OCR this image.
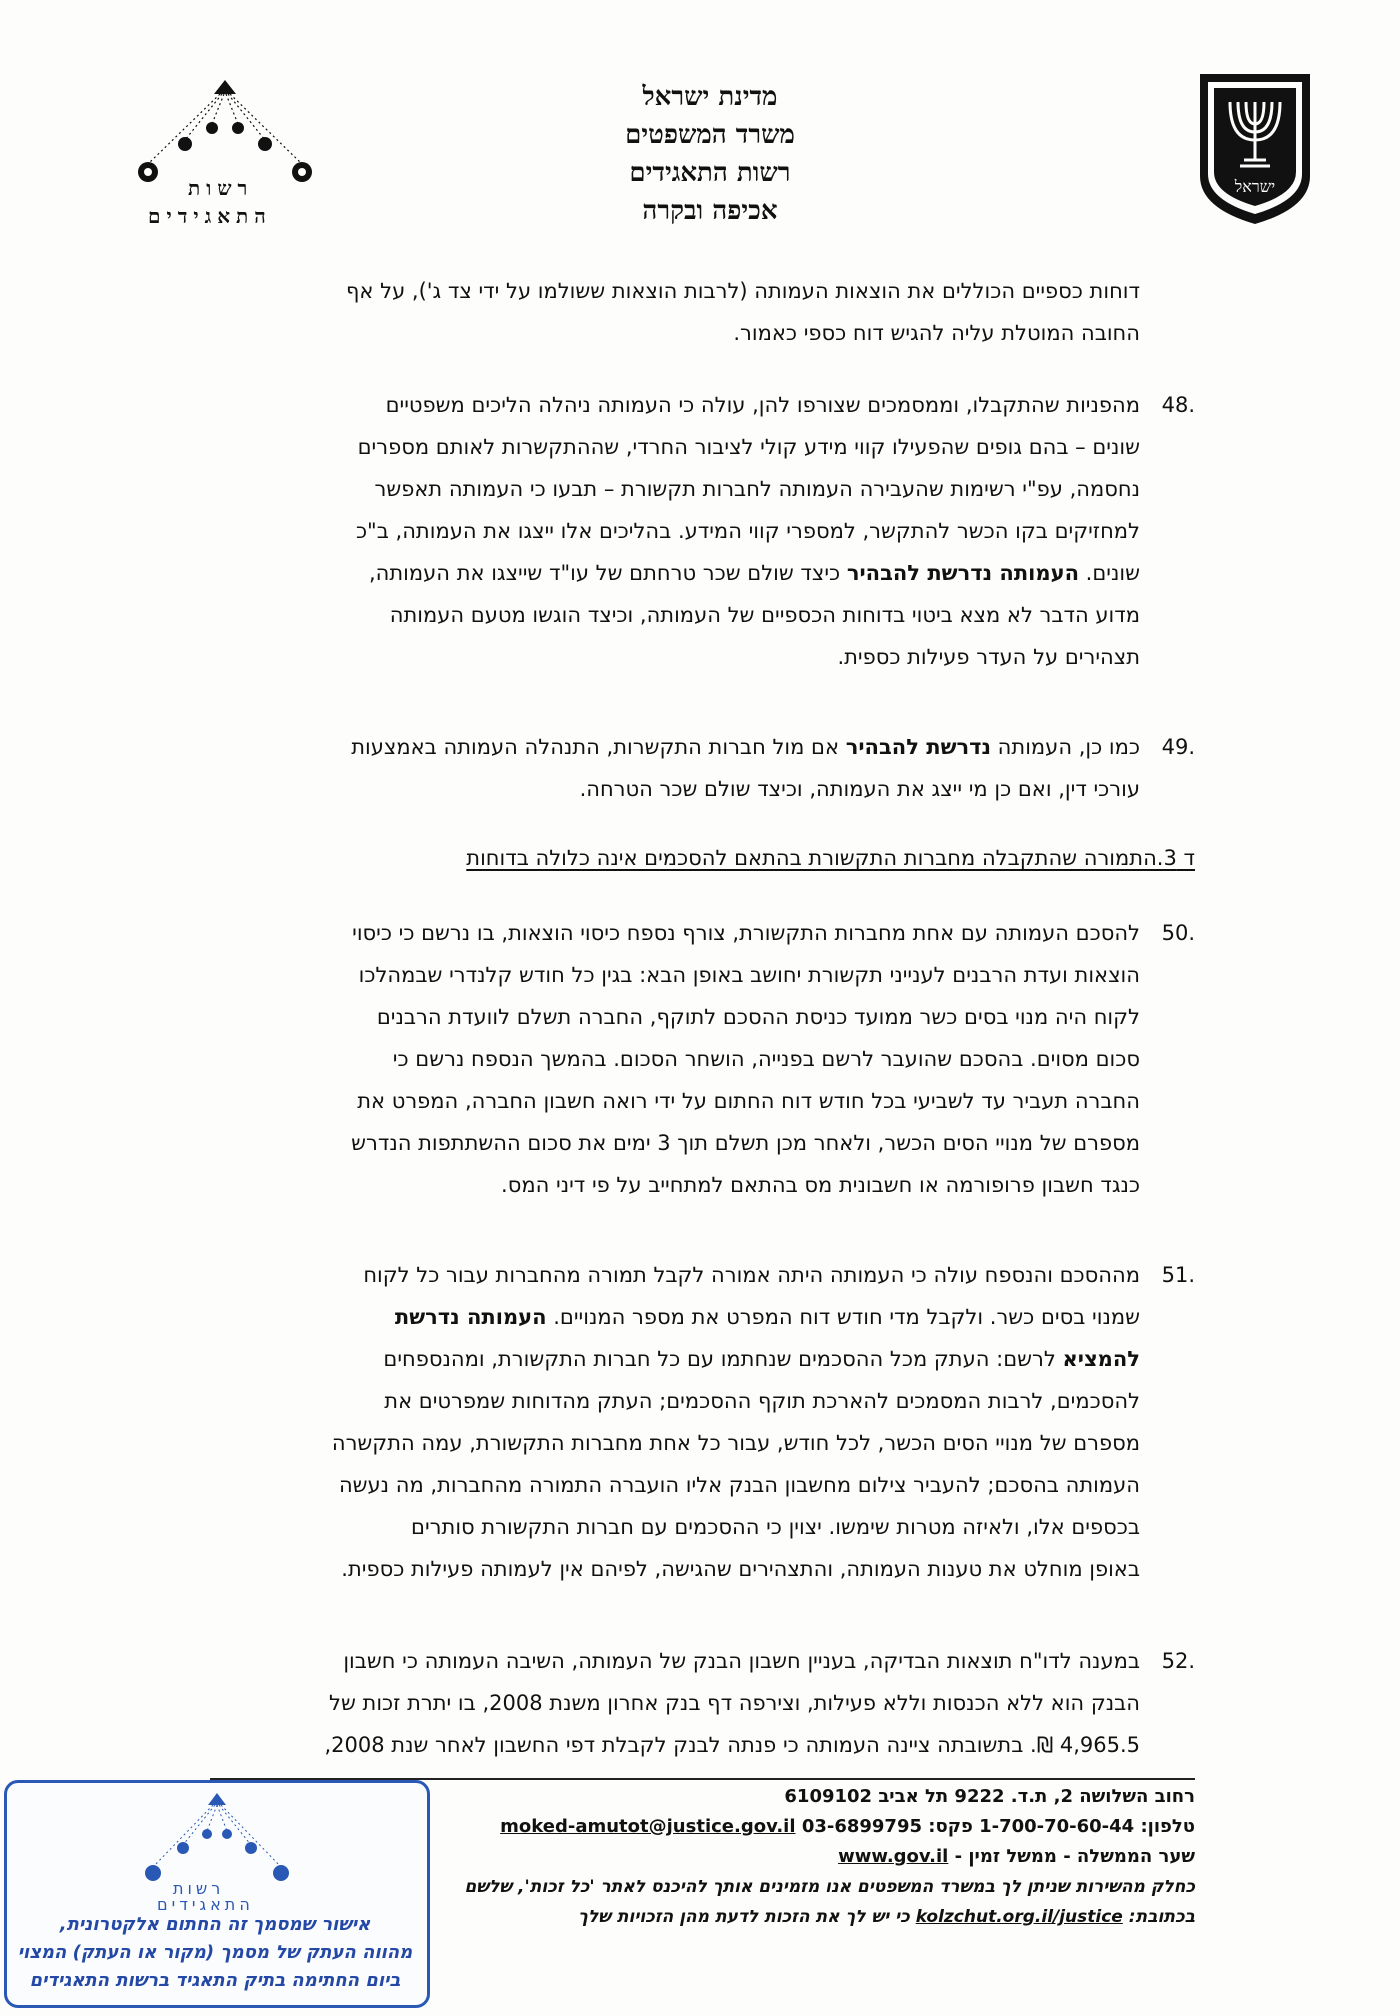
ישראל
מדינת ישראל
משרד המשפטים
רשות התאגידים
אכיפה ובקרה
רשות
התאגידים
דוחות כספיים הכוללים את הוצאות העמותה (לרבות הוצאות ששולמו על ידי צד ג'), על אף
החובה המוטלת עליה להגיש דוח כספי כאמור.
.48
מהפניות שהתקבלו, וממסמכים שצורפו להן, עולה כי העמותה ניהלה הליכים משפטיים
שונים – בהם גופים שהפעילו קווי מידע קולי לציבור החרדי, שההתקשרות לאותם מספרים
נחסמה, עפ"י רשימות שהעבירה העמותה לחברות תקשורת – תבעו כי העמותה תאפשר
למחזיקים בקו הכשר להתקשר, למספרי קווי המידע. בהליכים אלו ייצגו את העמותה, ב"כ
שונים. העמותה נדרשת להבהיר כיצד שולם שכר טרחתם של עו"ד שייצגו את העמותה,
מדוע הדבר לא מצא ביטוי בדוחות הכספיים של העמותה, וכיצד הוגשו מטעם העמותה
תצהירים על העדר פעילות כספית.
.49
כמו כן, העמותה נדרשת להבהיר אם מול חברות התקשרות, התנהלה העמותה באמצעות
עורכי דין, ואם כן מי ייצג את העמותה, וכיצד שולם שכר הטרחה.
ד 3.התמורה שהתקבלה מחברות התקשורת בהתאם להסכמים אינה כלולה בדוחות
.50
להסכם העמותה עם אחת מחברות התקשורת, צורף נספח כיסוי הוצאות, בו נרשם כי כיסוי
הוצאות ועדת הרבנים לענייני תקשורת יחושב באופן הבא: בגין כל חודש קלנדרי שבמהלכו
לקוח היה מנוי בסים כשר ממועד כניסת ההסכם לתוקף, החברה תשלם לוועדת הרבנים
סכום מסוים. בהסכם שהועבר לרשם בפנייה, הושחר הסכום. בהמשך הנספח נרשם כי
החברה תעביר עד לשביעי בכל חודש דוח החתום על ידי רואה חשבון החברה, המפרט את
מספרם של מנויי הסים הכשר, ולאחר מכן תשלם תוך 3 ימים את סכום ההשתתפות הנדרש
כנגד חשבון פרופורמה או חשבונית מס בהתאם למתחייב על פי דיני המס.
.51
מההסכם והנספח עולה כי העמותה היתה אמורה לקבל תמורה מהחברות עבור כל לקוח
שמנוי בסים כשר. ולקבל מדי חודש דוח המפרט את מספר המנויים. העמותה נדרשת
להמציא לרשם: העתק מכל ההסכמים שנחתמו עם כל חברות התקשורת, ומהנספחים
להסכמים, לרבות המסמכים להארכת תוקף ההסכמים; העתק מהדוחות שמפרטים את
מספרם של מנויי הסים הכשר, לכל חודש, עבור כל אחת מחברות התקשורת, עמה התקשרה
העמותה בהסכם; להעביר צילום מחשבון הבנק אליו הועברה התמורה מהחברות, מה נעשה
בכספים אלו, ולאיזה מטרות שימשו. יצוין כי ההסכמים עם חברות התקשורת סותרים
באופן מוחלט את טענות העמותה, והתצהירים שהגישה, לפיהם אין לעמותה פעילות כספית.
.52
במענה לדו"ח תוצאות הבדיקה, בעניין חשבון הבנק של העמותה, השיבה העמותה כי חשבון
הבנק הוא ללא הכנסות וללא פעילות, וצירפה דף בנק אחרון משנת 2008, בו יתרת זכות של
4,965.5 ₪. בתשובתה ציינה העמותה כי פנתה לבנק לקבלת דפי החשבון לאחר שנת 2008,
רחוב השלושה 2, ת.ד. 9222 תל אביב 6109102
טלפון: 1-700-70-60-44 פקס: 03-6899795 moked-amutot@justice.gov.il
שער הממשלה - ממשל זמין - www.gov.il
כחלק מהשירות שניתן לך במשרד המשפטים אנו מזמינים אותך להיכנס לאתר 'כל זכות', שלשם
בכתובת: kolzchut.org.il/justice כי יש לך את הזכות לדעת מהן הזכויות שלך
רשות
התאגידים
אישור שמסמך זה החתום אלקטרונית,
מהווה העתק של מסמך (מקור או העתק) המצוי
ביום החתימה בתיק התאגיד ברשות התאגידים
